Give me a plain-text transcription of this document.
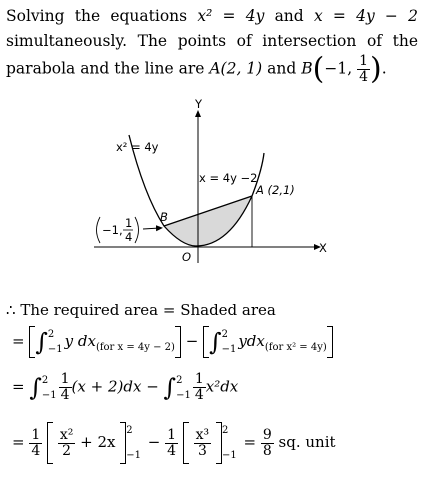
Solving the equations x² = 4y and x = 4y − 2

simultaneously. The points of intersection of the

parabola and the line are A(2, 1) and B(−1, $\frac{1}{4}$ ).

−1, 1
4
Y
X
O
x² = 4y
x = 4y −2
A (2,1)
B
∴ The required area = Shaded area
= ∫ 2
−1 y $dx_{(for x = 4y - 2)}$ − ∫ 2
−1 ydx$_{(for x^2 = 4y)}$
= ∫ 2
$-1 \frac{1}{4} (x + 2)dx$ − ∫ 2
$-1 \frac{1}{4} x^2dx$
= $\frac{1}{4}$
$\frac{\text{x²}}{2} + 2x$
2
−1
− $\frac{1}{4}$
$\frac{\text{x³}}{3}$
2
−1
= $\frac{9}{8}$ sq. unit
